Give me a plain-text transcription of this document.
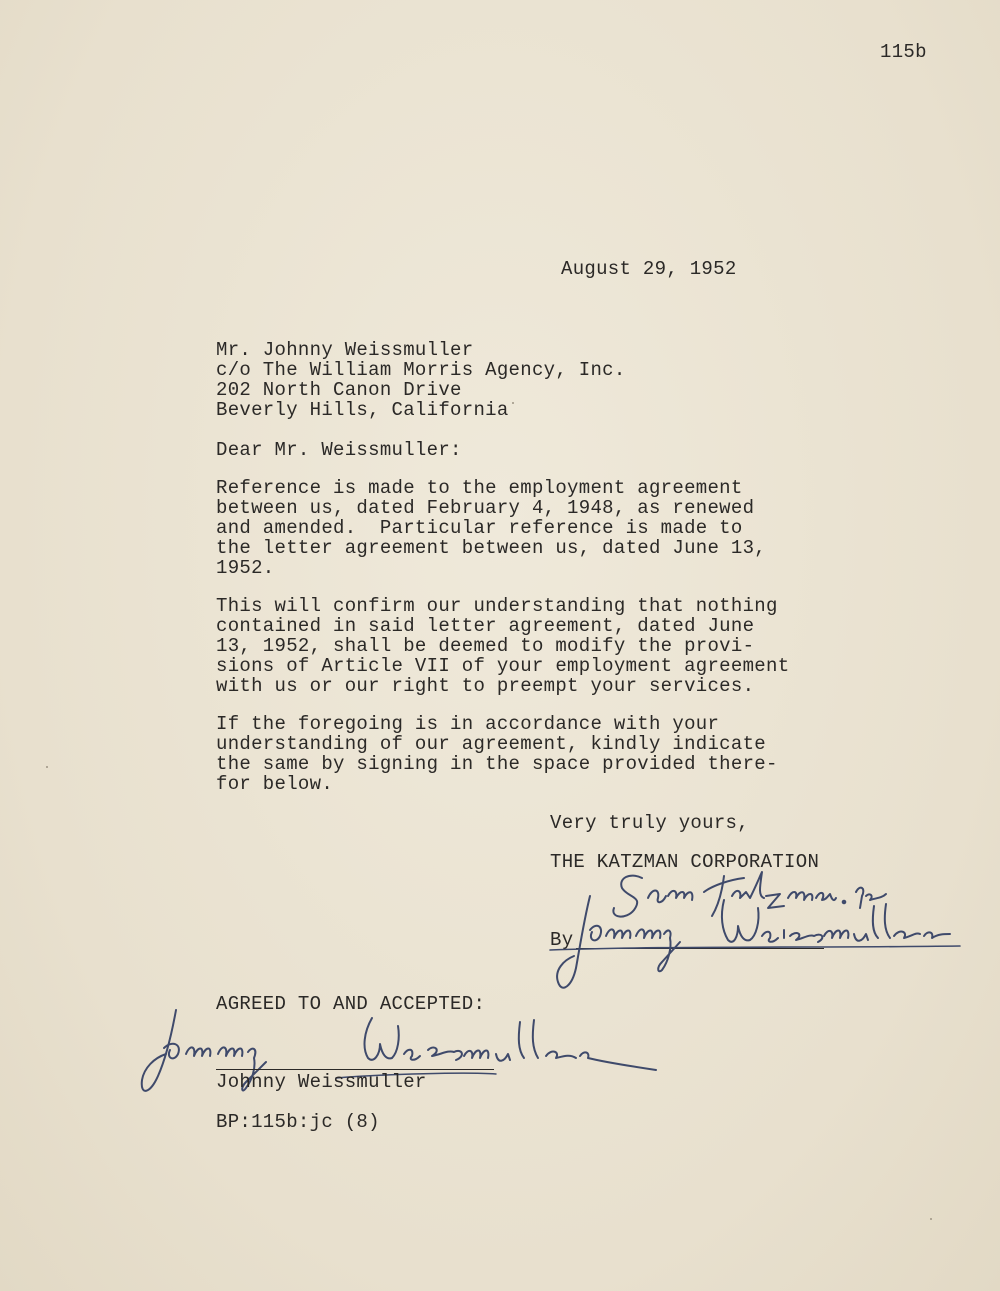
115b

August 29, 1952

Mr. Johnny Weissmuller

c/o The William Morris Agency, Inc.

202 North Canon Drive

Beverly Hills, California

Dear Mr. Weissmuller:

Reference is made to the employment agreement

between us, dated February 4, 1948, as renewed

and amended.  Particular reference is made to

the letter agreement between us, dated June 13,

1952.

This will confirm our understanding that nothing

contained in said letter agreement, dated June

13, 1952, shall be deemed to modify the provi-

sions of Article VII of your employment agreement

with us or our right to preempt your services.

If the foregoing is in accordance with your

understanding of our agreement, kindly indicate

the same by signing in the space provided there-

for below.

Very truly yours,

THE KATZMAN CORPORATION

By

AGREED TO AND ACCEPTED:

Johnny Weissmuller

BP:115b:jc (8)
